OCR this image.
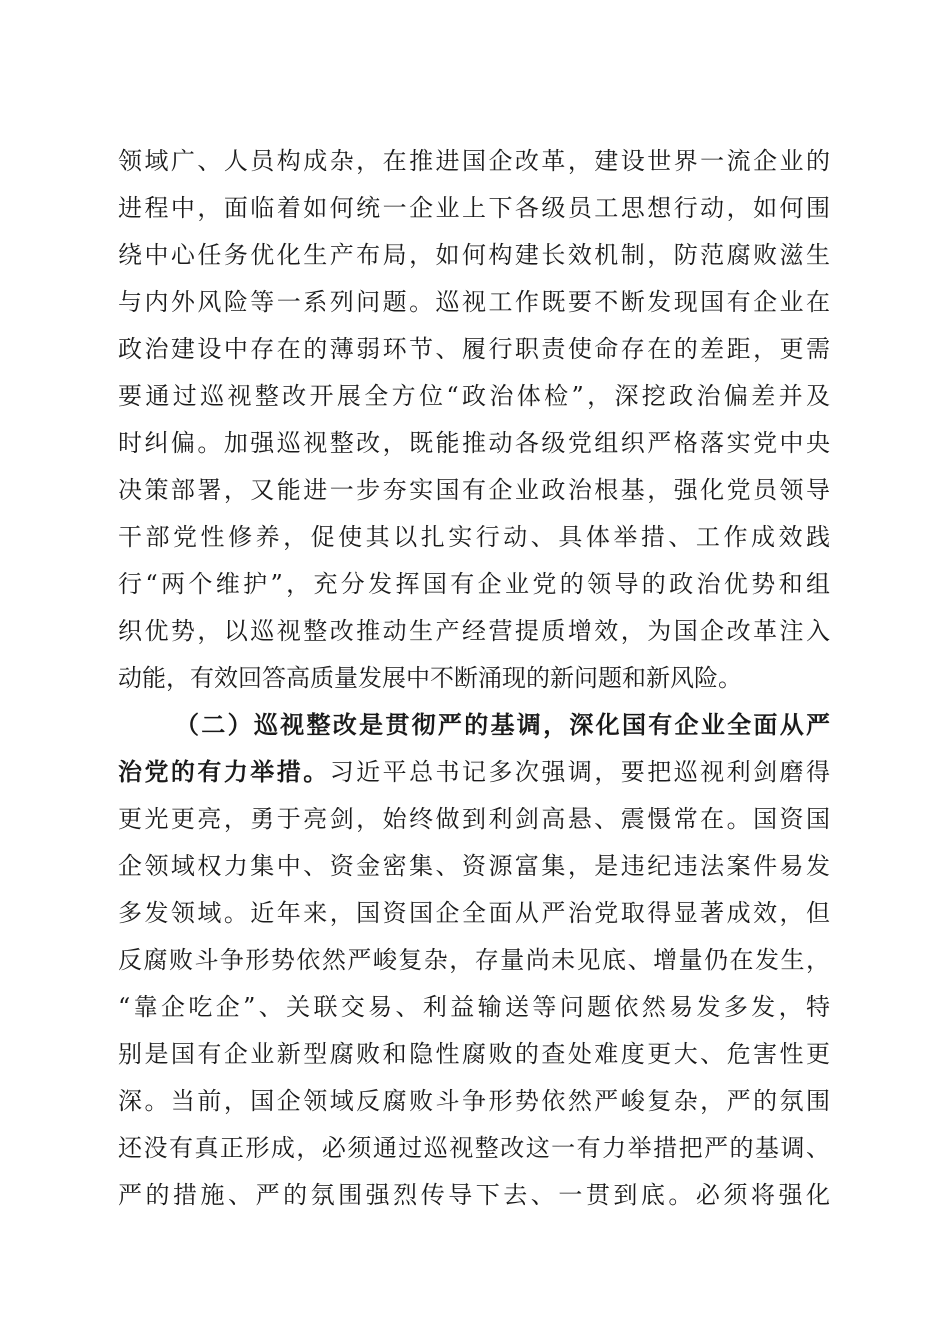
领域广、人员构成杂，在推进国企改革，建设世界一流企业的
进程中，面临着如何统一企业上下各级员工思想行动，如何围
绕中心任务优化生产布局，如何构建长效机制，防范腐败滋生
与内外风险等一系列问题。巡视工作既要不断发现国有企业在
政治建设中存在的薄弱环节、履行职责使命存在的差距，更需
要通过巡视整改开展全方位“政治体检”，深挖政治偏差并及
时纠偏。加强巡视整改，既能推动各级党组织严格落实党中央
决策部署，又能进一步夯实国有企业政治根基，强化党员领导
干部党性修养，促使其以扎实行动、具体举措、工作成效践
行“两个维护”，充分发挥国有企业党的领导的政治优势和组
织优势，以巡视整改推动生产经营提质增效，为国企改革注入
动能，有效回答高质量发展中不断涌现的新问题和新风险。
（二）巡视整改是贯彻严的基调，深化国有企业全面从严
治党的有力举措。习近平总书记多次强调，要把巡视利剑磨得
更光更亮，勇于亮剑，始终做到利剑高悬、震慑常在。国资国
企领域权力集中、资金密集、资源富集，是违纪违法案件易发
多发领域。近年来，国资国企全面从严治党取得显著成效，但
反腐败斗争形势依然严峻复杂，存量尚未见底、增量仍在发生，
“靠企吃企”、关联交易、利益输送等问题依然易发多发，特
别是国有企业新型腐败和隐性腐败的查处难度更大、危害性更
深。当前，国企领域反腐败斗争形势依然严峻复杂，严的氛围
还没有真正形成，必须通过巡视整改这一有力举措把严的基调、
严的措施、严的氛围强烈传导下去、一贯到底。必须将强化
